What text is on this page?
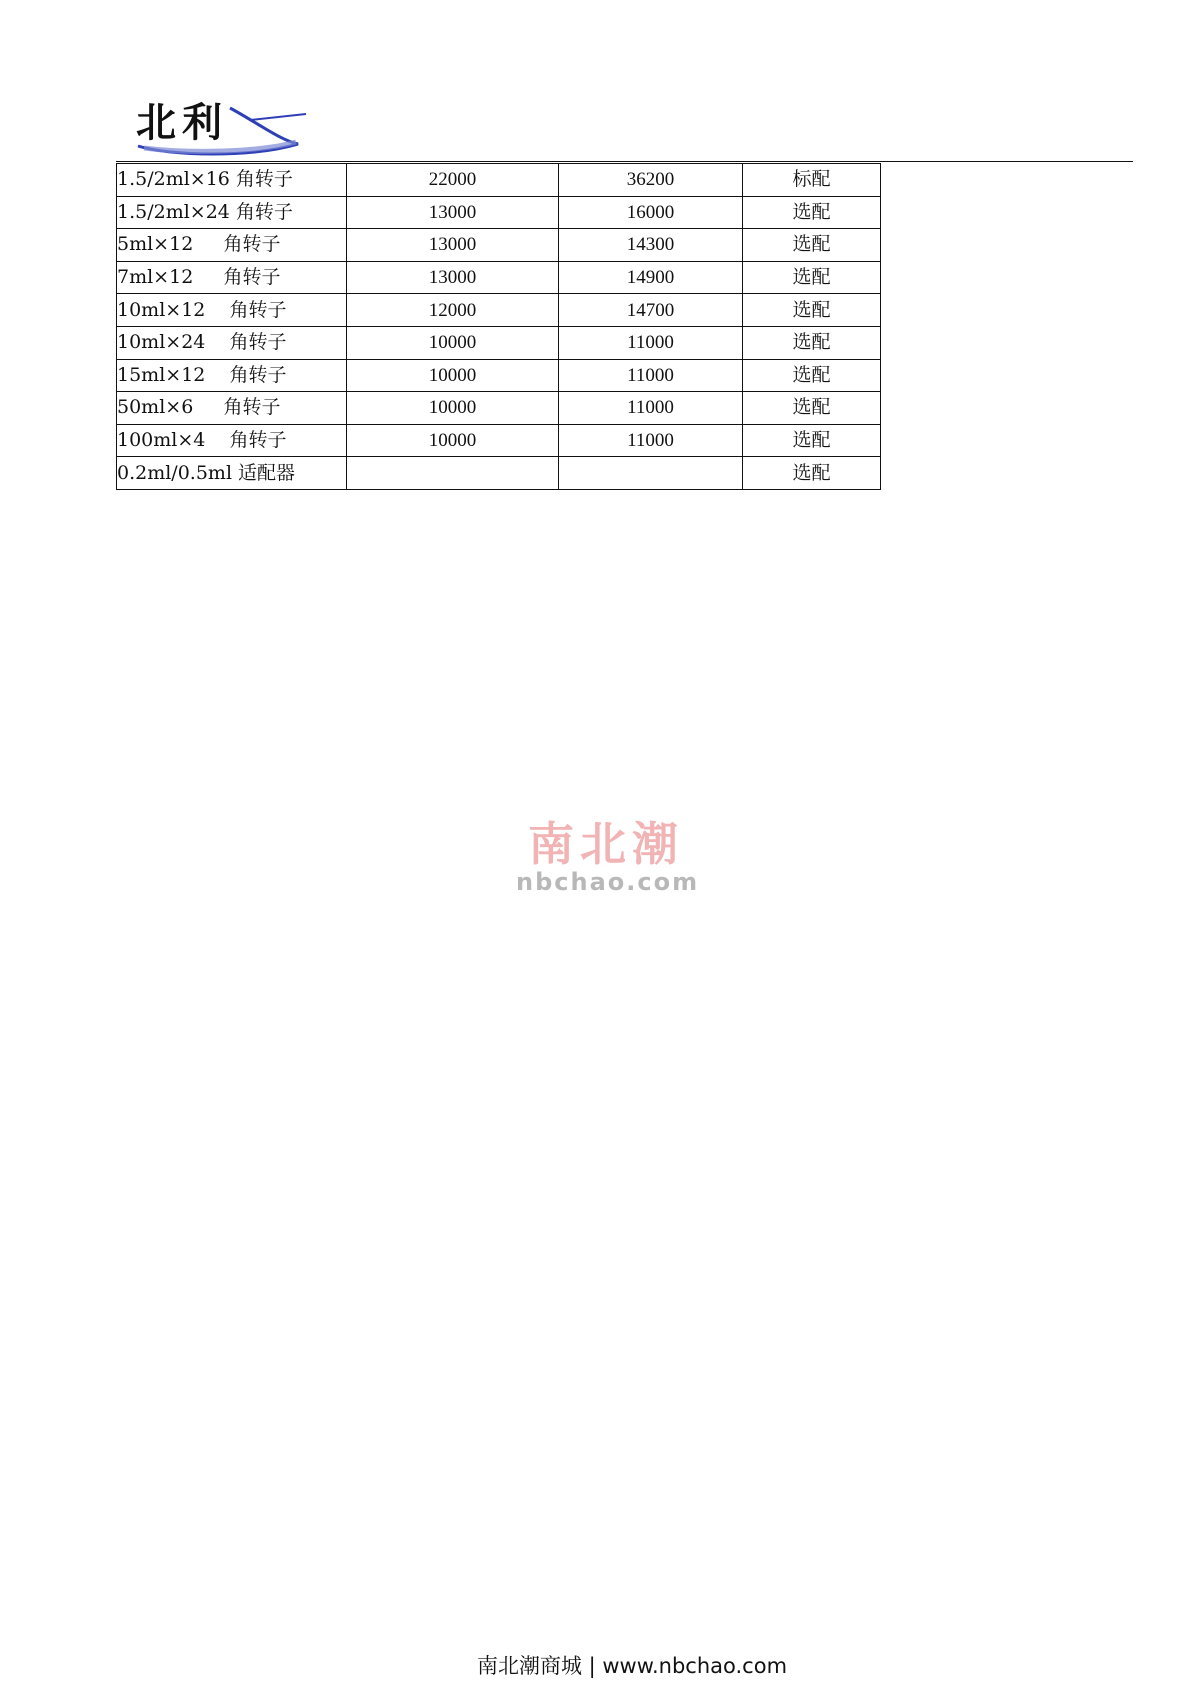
北利
1.5/2ml×16 角转子	22000	36200	标配
1.5/2ml×24 角转子	13000	16000	选配
5ml×12     角转子	13000	14300	选配
7ml×12     角转子	13000	14900	选配
10ml×12    角转子	12000	14700	选配
10ml×24    角转子	10000	11000	选配
15ml×12    角转子	10000	11000	选配
50ml×6     角转子	10000	11000	选配
100ml×4    角转子	10000	11000	选配
0.2ml/0.5ml 适配器			选配
南北潮
nbchao.com
南北潮商城 | www.nbchao.com
